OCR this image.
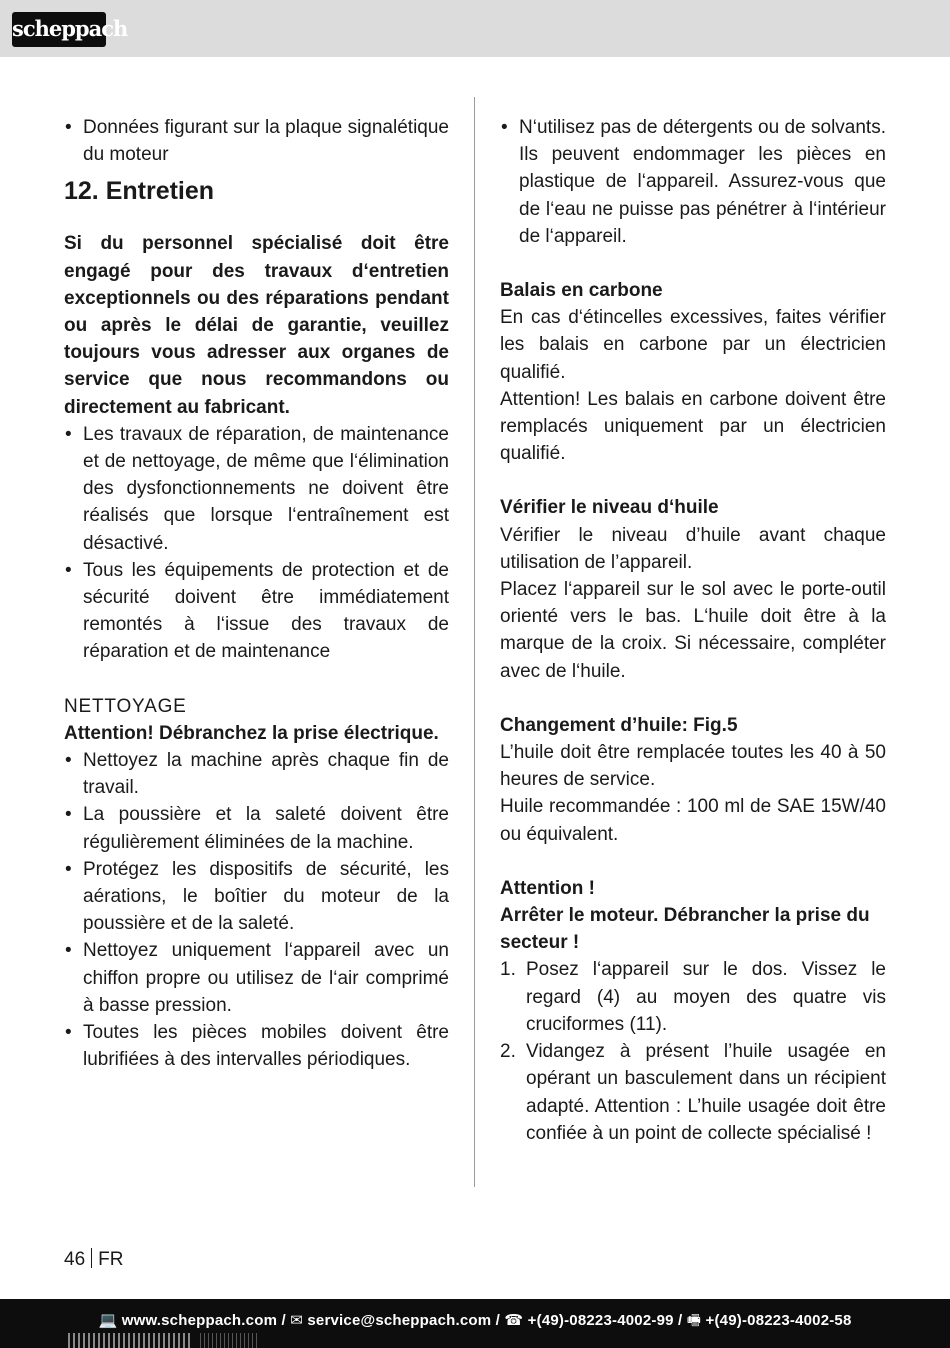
scheppach
• Données figurant sur la plaque signalétique du moteur
12. Entretien

Si du personnel spécialisé doit être engagé pour des travaux d‘entretien exceptionnels ou des réparations pendant ou après le délai de garantie, veuillez toujours vous adresser aux organes de service que nous recommandons ou directement au fabricant.

• Les travaux de réparation, de maintenance et de nettoyage, de même que l‘élimination des dysfonctionnements ne doivent être réalisés que lorsque l‘entraînement est désactivé.
• Tous les équipements de protection et de sécurité doivent être immédiatement remontés à l‘issue des travaux de réparation et de maintenance

NETTOYAGE

Attention! Débranchez la prise électrique.

• Nettoyez la machine après chaque fin de travail.
• La poussière et la saleté doivent être régulièrement éliminées de la machine.
• Protégez les dispositifs de sécurité, les aérations, le boîtier du moteur de la poussière et de la saleté.
• Nettoyez uniquement l‘appareil avec un chiffon propre ou utilisez de l‘air comprimé à basse pression.
• Toutes les pièces mobiles doivent être lubrifiées à des intervalles périodiques.
• N‘utilisez pas de détergents ou de solvants. Ils peuvent endommager les pièces en plastique de l‘appareil. Assurez-vous que de l‘eau ne puisse pas pénétrer à l‘intérieur de l‘appareil.

Balais en carbone

En cas d‘étincelles excessives, faites vérifier les balais en carbone par un électricien qualifié.

Attention! Les balais en carbone doivent être remplacés uniquement par un électricien qualifié.

Vérifier le niveau d‘huile

Vérifier le niveau d’huile avant chaque utilisation de l’appareil.

Placez l‘appareil sur le sol avec le porte-outil orienté vers le bas. L‘huile doit être à la marque de la croix. Si nécessaire, compléter avec de l‘huile.

Changement d’huile: Fig.5

L’huile doit être remplacée toutes les 40 à 50 heures de service.

Huile recommandée : 100 ml de SAE 15W/40 ou équivalent.

Attention !

Arrêter le moteur. Débrancher la prise du secteur !

1. Posez l‘appareil sur le dos. Vissez le regard (4) au moyen des quatre vis cruciformes (11).
2. Vidangez à présent l’huile usagée en opérant un basculement dans un récipient adapté. Attention : L’huile usagée doit être confiée à un point de collecte spécialisé !
46 FR
💻 www.scheppach.com / ✉ service@scheppach.com / ☎ +(49)-08223-4002-99 / 🖷 +(49)-08223-4002-58
